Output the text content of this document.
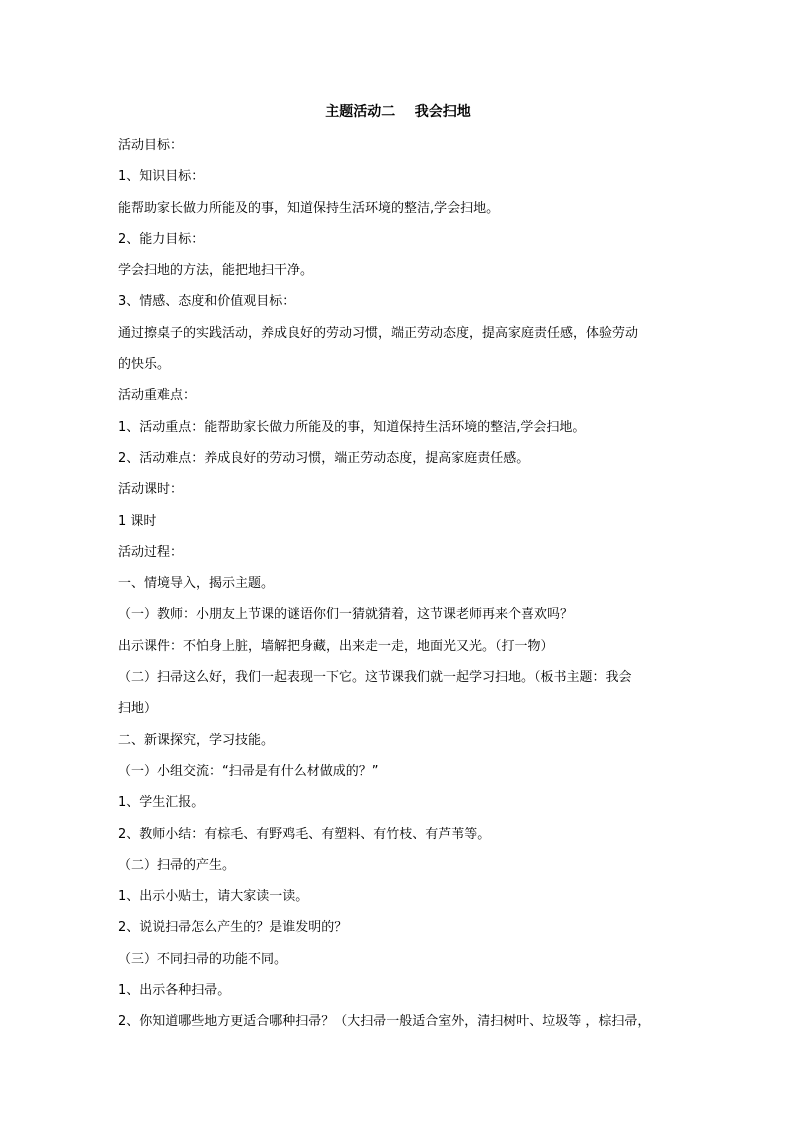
主题活动二    我会扫地
活动目标：
1、知识目标：
能帮助家长做力所能及的事，知道保持生活环境的整洁,学会扫地。
2、能力目标：
学会扫地的方法，能把地扫干净。
3、情感、态度和价值观目标：
通过擦桌子的实践活动，养成良好的劳动习惯，端正劳动态度，提高家庭责任感，体验劳动
的快乐。
活动重难点：
1、活动重点：能帮助家长做力所能及的事，知道保持生活环境的整洁,学会扫地。
2、活动难点：养成良好的劳动习惯，端正劳动态度，提高家庭责任感。
活动课时：
1 课时
活动过程：
一、情境导入，揭示主题。
（一）教师：小朋友上节课的谜语你们一猜就猜着，这节课老师再来个喜欢吗？
出示课件：不怕身上脏，墙解把身藏，出来走一走，地面光又光。（打一物）
（二）扫帚这么好，我们一起表现一下它。这节课我们就一起学习扫地。（板书主题：我会
扫地）
二、新课探究，学习技能。
（一）小组交流：“扫帚是有什么材做成的？”
1、学生汇报。
2、教师小结：有棕毛、有野鸡毛、有塑料、有竹枝、有芦苇等。
（二）扫帚的产生。
1、出示小贴士，请大家读一读。
2、说说扫帚怎么产生的？是谁发明的？
（三）不同扫帚的功能不同。
1、出示各种扫帚。
2、你知道哪些地方更适合哪种扫帚？（大扫帚一般适合室外，清扫树叶、垃圾等 ，棕扫帚，
